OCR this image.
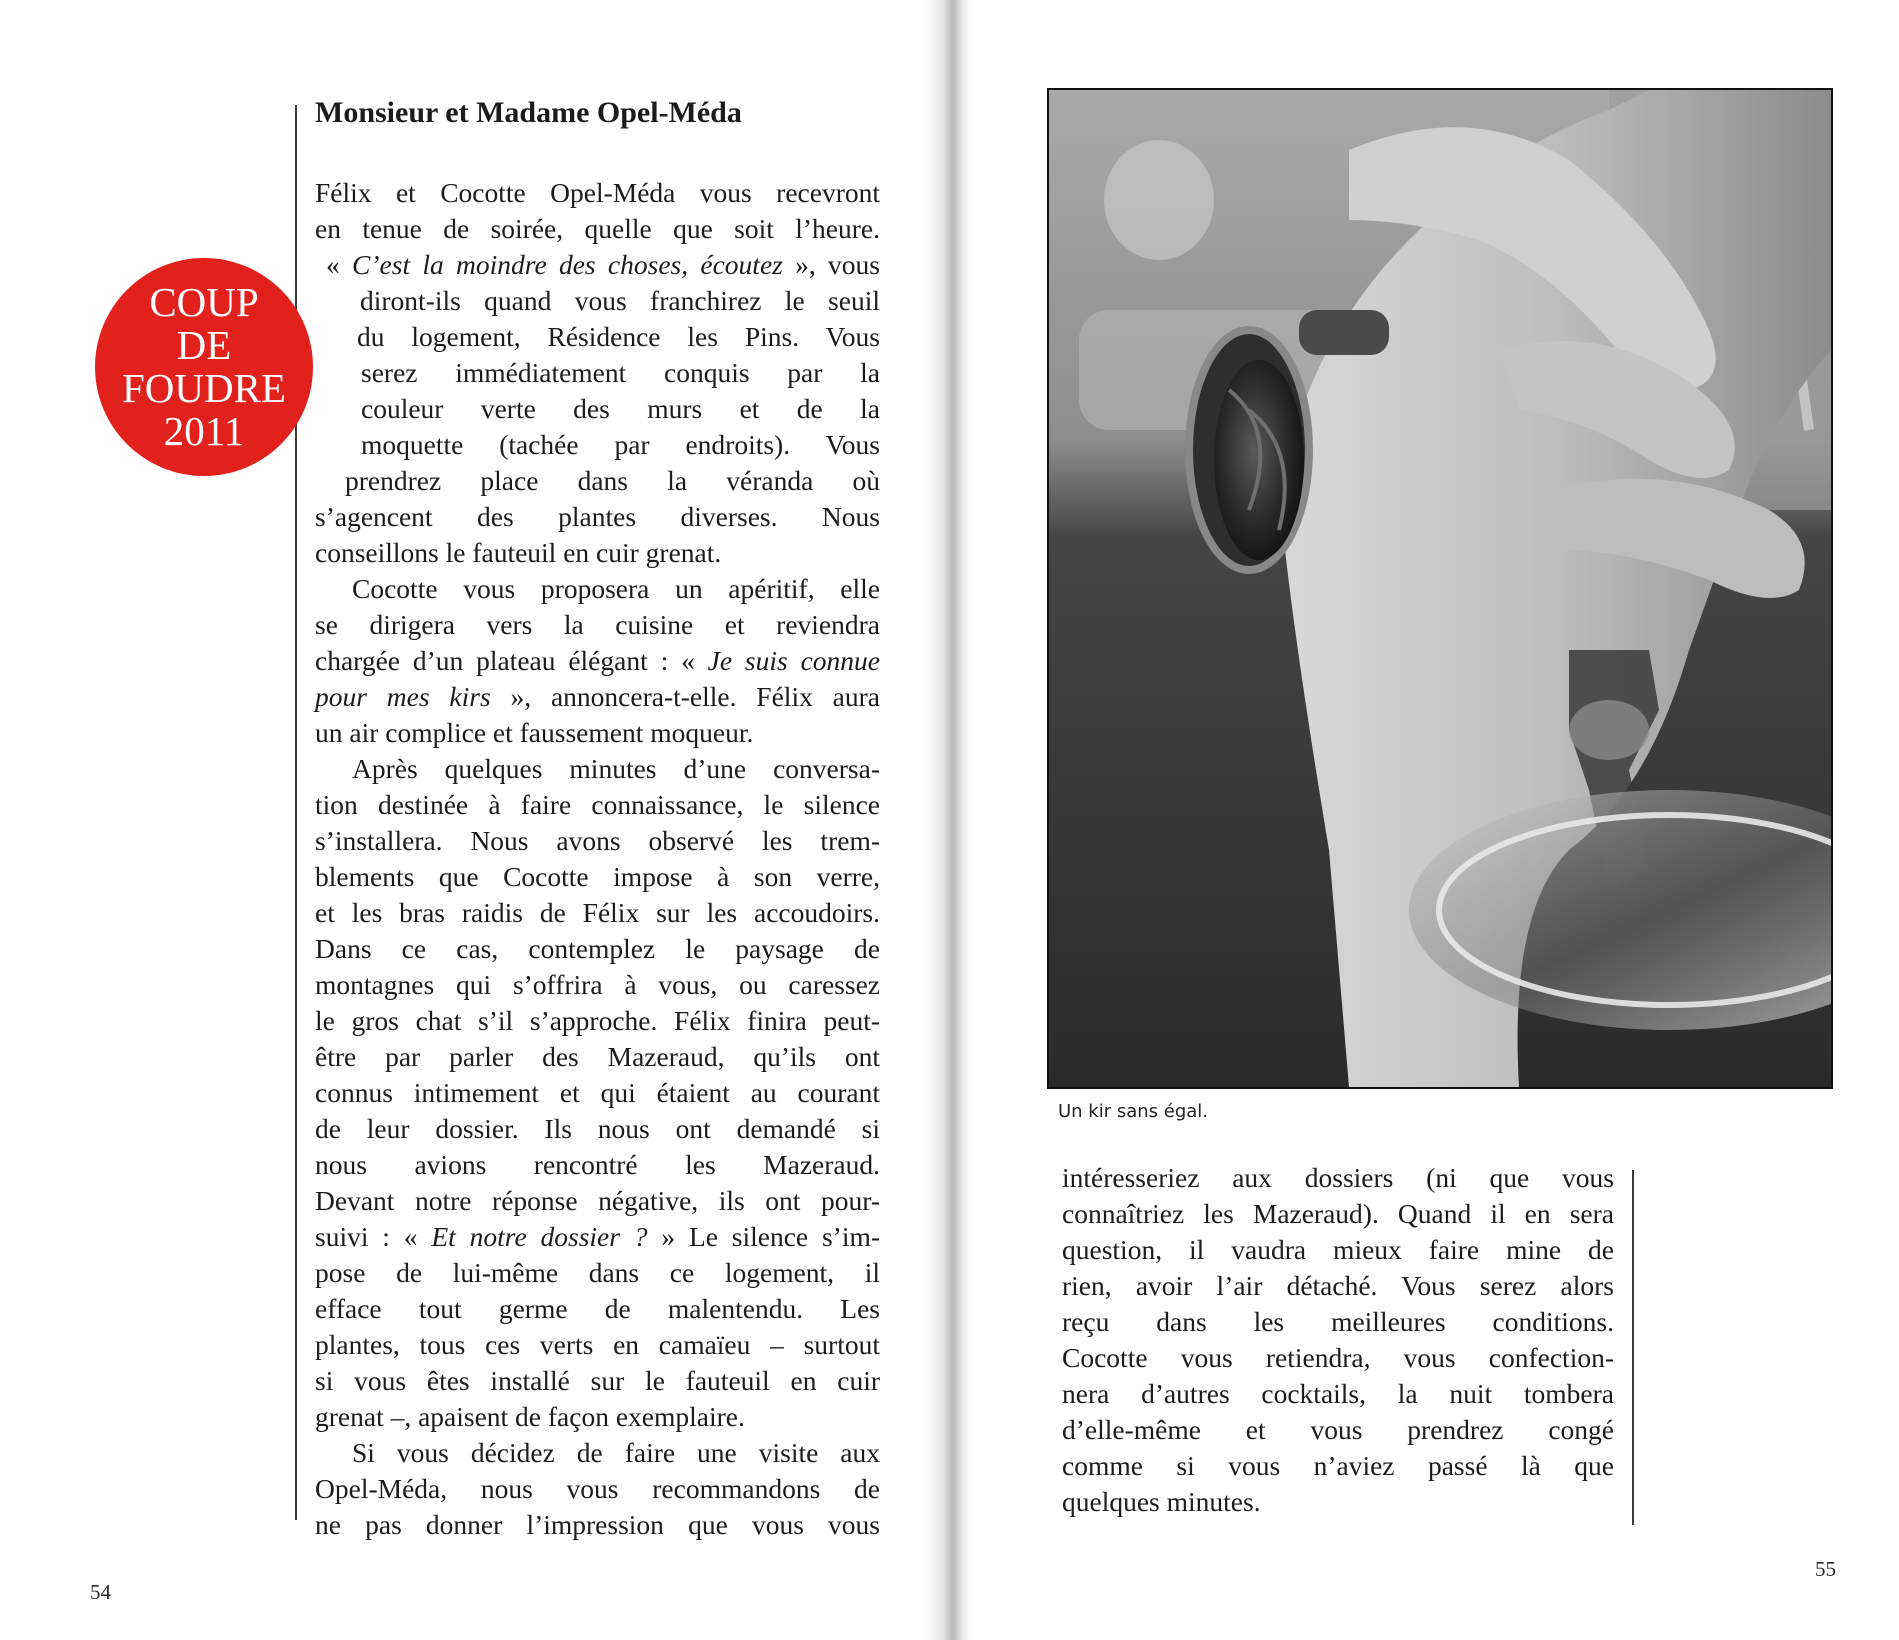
Monsieur et Madame Opel-Méda
COUP
DE
FOUDRE
2011
Félix et Cocotte Opel-Méda vous recevront
en tenue de soirée, quelle que soit l’heure.
« C’est la moindre des choses, écoutez », vous
diront-ils quand vous franchirez le seuil
du logement, Résidence les Pins. Vous
serez immédiatement conquis par la
couleur verte des murs et de la
moquette (tachée par endroits). Vous
prendrez place dans la véranda où
s’agencent des plantes diverses. Nous
conseillons le fauteuil en cuir grenat.
Cocotte vous proposera un apéritif, elle
se dirigera vers la cuisine et reviendra
chargée d’un plateau élégant : « Je suis connue
pour mes kirs », annoncera-t-elle. Félix aura
un air complice et faussement moqueur.
Après quelques minutes d’une conversa-
tion destinée à faire connaissance, le silence
s’installera. Nous avons observé les trem-
blements que Cocotte impose à son verre,
et les bras raidis de Félix sur les accoudoirs.
Dans ce cas, contemplez le paysage de
montagnes qui s’offrira à vous, ou caressez
le gros chat s’il s’approche. Félix finira peut-
être par parler des Mazeraud, qu’ils ont
connus intimement et qui étaient au courant
de leur dossier. Ils nous ont demandé si
nous avions rencontré les Mazeraud.
Devant notre réponse négative, ils ont pour-
suivi : « Et notre dossier ? » Le silence s’im-
pose de lui-même dans ce logement, il
efface tout germe de malentendu. Les
plantes, tous ces verts en camaïeu – surtout
si vous êtes installé sur le fauteuil en cuir
grenat –, apaisent de façon exemplaire.
Si vous décidez de faire une visite aux
Opel-Méda, nous vous recommandons de
ne pas donner l’impression que vous vous
intéresseriez aux dossiers (ni que vous
connaîtriez les Mazeraud). Quand il en sera
question, il vaudra mieux faire mine de
rien, avoir l’air détaché. Vous serez alors
reçu dans les meilleures conditions.
Cocotte vous retiendra, vous confection-
nera d’autres cocktails, la nuit tombera
d’elle-même et vous prendrez congé
comme si vous n’aviez passé là que
quelques minutes.
Un kir sans égal.
54
55
